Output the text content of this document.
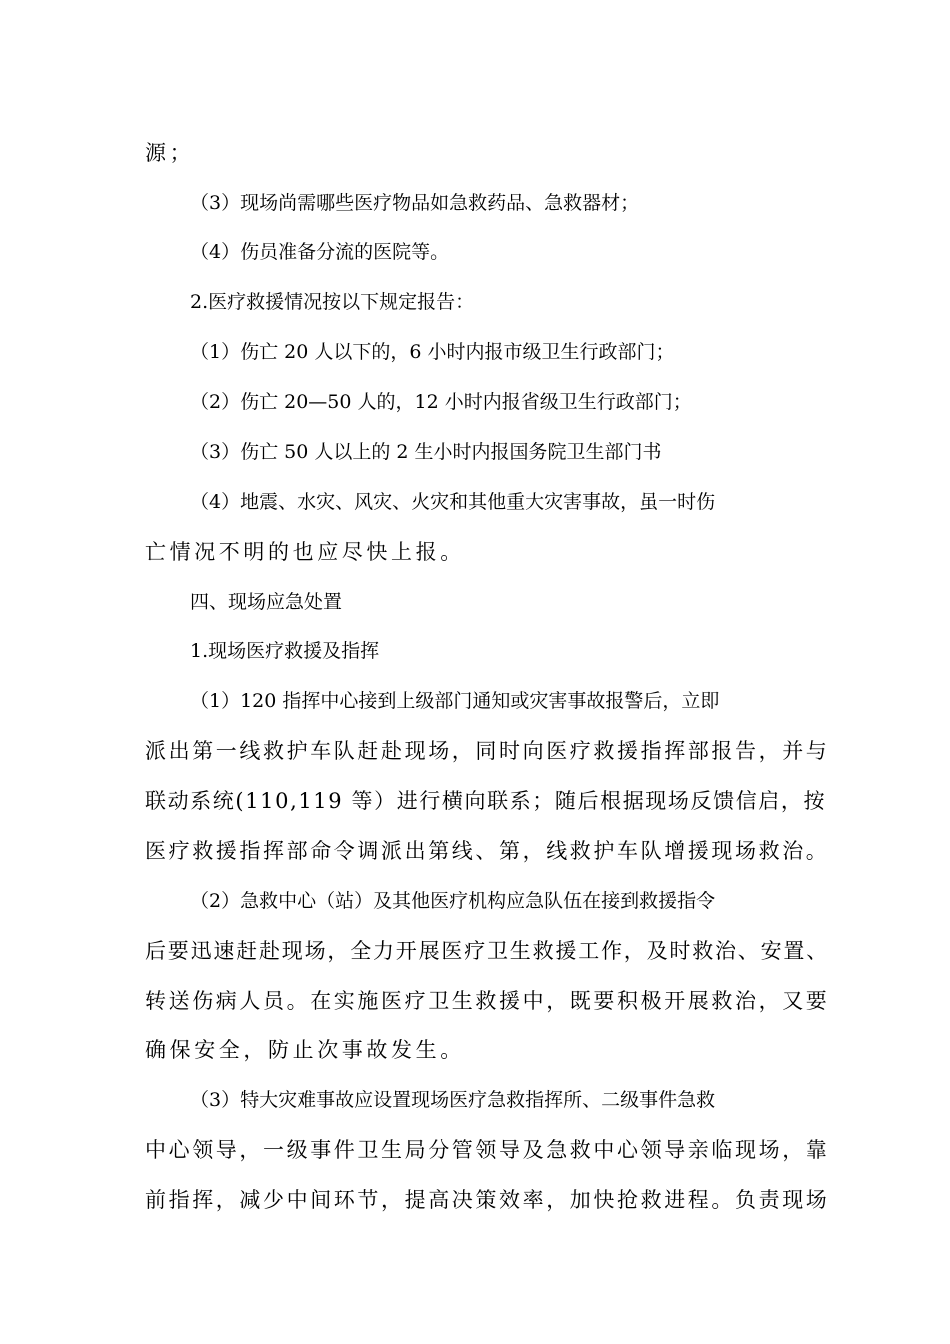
源；
（3）现场尚需哪些医疗物品如急救药品、急救器材；
（4）伤员准备分流的医院等。
2.医疗救援情况按以下规定报告：
（1）伤亡 20 人以下的，6 小时内报市级卫生行政部门；
（2）伤亡 20—50 人的，12 小时内报省级卫生行政部门；
（3）伤亡 50 人以上的 2 生小时内报国务院卫生部门书
（4）地震、水灾、风灾、火灾和其他重大灾害事故，虽一时伤
亡情况不明的也应尽快上报。
四、现场应急处置
1.现场医疗救援及指挥
（1）120 指挥中心接到上级部门通知或灾害事故报警后，立即
派出第一线救护车队赶赴现场，同时向医疗救援指挥部报告，并与
联动系统(110,119 等）进行横向联系；随后根据现场反馈信启，按
医疗救援指挥部命令调派出第线、第，线救护车队增援现场救治。
（2）急救中心（站）及其他医疗机构应急队伍在接到救援指令
后要迅速赶赴现场，全力开展医疗卫生救援工作，及时救治、安置、
转送伤病人员。在实施医疗卫生救援中，既要积极开展救治，又要
确保安全，防止次事故发生。
（3）特大灾难事故应设置现场医疗急救指挥所、二级事件急救
中心领导，一级事件卫生局分管领导及急救中心领导亲临现场，靠
前指挥，减少中间环节，提高决策效率，加快抢救进程。负责现场
